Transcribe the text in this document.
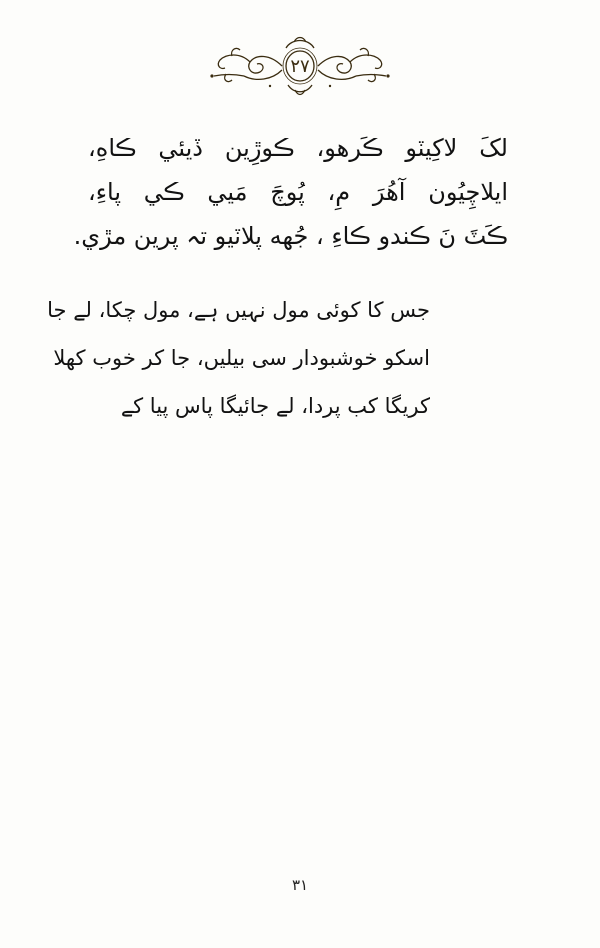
٢٧
لکَ لاکِيٽو ڪَرهو، ڪوڙِين ڏيئي ڪاهِ،
ايلاچِيُون آهُرَ مِ، پُوچَ مَيي ڪي پاءِ،
ڪَٽَ نَ ڪندو ڪاءِ ، جُهه پلاٽيو تہ پرين مڙي.
جس کا کوئی مول نہیں ہے، مول چکا، لے جا
اسکو خوشبودار سی بیلیں، جا کر خوب کھلا
کریگا کب پردا، لے جائیگا پاس پیا کے
٣١
